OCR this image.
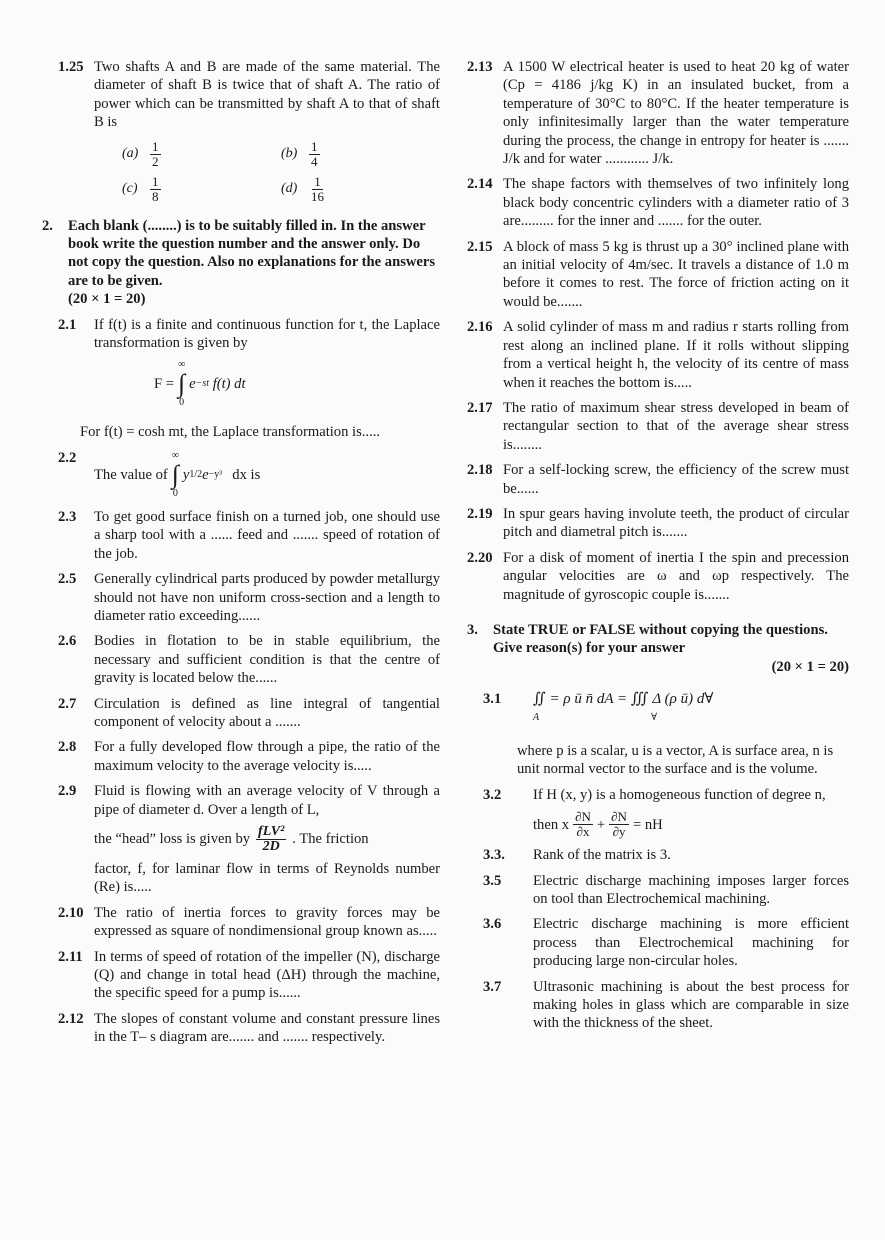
1.25 Two shafts A and B are made of the same material. The diameter of shaft B is twice that of shaft A. The ratio of power which can be transmitted by shaft A to that of shaft B is
$(a) \frac{1}{2}$	$(b) \frac{1}{4}$
$(c) \frac{1}{8}$	$(d) \frac{1}{16}$
2.	Each blank (........) is to be suitably filled in. In the answer book write the question number and the answer only. Do not copy the question. Also no explanations for the answers are to be given.
(20 × 1 = 20)
2.1	If f(t) is a finite and continuous function for t, the Laplace transformation is given by
F =
∞
∫
0
e −st
f(t) dt
For f(t) = cosh mt, the Laplace transformation is.....
2.2
The value of
∞
∫
0
y 1/2 e −y³ dx is
2.3	To get good surface finish on a turned job, one should use a sharp tool with a ...... feed and ....... speed of rotation of the job.
2.5	Generally cylindrical parts produced by powder metallurgy should not have non uniform cross-section and a length to diameter ratio exceeding......
2.6	Bodies in flotation to be in stable equilibrium, the necessary and sufficient condition is that the centre of gravity is located below the......
2.7	Circulation is defined as line integral of tangential component of velocity about a .......
2.8	For a fully developed flow through a pipe, the ratio of the maximum velocity to the average velocity is.....
2.9	Fluid is flowing with an average velocity of V through a pipe of diameter d. Over a length of L,
the “head” loss is given by $\frac{\text{fLV²}}{2D}$ . The friction
factor, f, for laminar flow in terms of Reynolds number (Re) is.....
2.10 The ratio of inertia forces to gravity forces may be expressed as square of nondimensional group known as.....
2.11 In terms of speed of rotation of the impeller (N), discharge (Q) and change in total head (ΔH) through the machine, the specific speed for a pump is......
2.12 The slopes of constant volume and constant pressure lines in the T– s diagram are....... and ....... respectively.
2.13 A 1500 W electrical heater is used to heat 20 kg of water (Cp = 4186 j/kg K) in an insulated bucket, from a temperature of 30°C to 80°C. If the heater temperature is only infinitesimally larger than the water temperature during the process, the change in entropy for heater is ....... J/k and for water ............ J/k.
2.14 The shape factors with themselves of two infinitely long black body concentric cylinders with a diameter ratio of 3 are......... for the inner and ....... for the outer.
2.15 A block of mass 5 kg is thrust up a 30° inclined plane with an initial velocity of 4m/sec. It travels a distance of 1.0 m before it comes to rest. The force of friction acting on it would be.......
2.16 A solid cylinder of mass m and radius r starts rolling from rest along an inclined plane. If it rolls without slipping from a vertical height h, the velocity of its centre of mass when it reaches the bottom is.....
2.17 The ratio of maximum shear stress developed in beam of rectangular section to that of the average shear stress is........
2.18 For a self-locking screw, the efficiency of the screw must be......
2.19 In spur gears having involute teeth, the product of circular pitch and diametral pitch is.......
2.20 For a disk of moment of inertia I the spin and precession angular velocities are ω and ωp respectively. The magnitude of gyroscopic couple is.......
3.	State TRUE or FALSE without copying the questions. Give reason(s) for your answer
(20 × 1 = 20)
3.1	∬ = ρ ū n̄ dA = ∭ Δ (ρ ū) d∀
A	∀
where p is a scalar, u is a vector, A is surface area, n is unit normal vector to the surface and is the volume.
3.2	If H (x, y) is a homogeneous function of degree n,
then x $\frac{\partial N}{\partial x} + \frac{\partial N}{\partial y}$ = nH
3.3.	Rank of the matrix is 3.
3.5	Electric discharge machining imposes larger forces on tool than Electrochemical machining.
3.6	Electric discharge machining is more efficient process than Electrochemical machining for producing large non-circular holes.
3.7	Ultrasonic machining is about the best process for making holes in glass which are comparable in size with the thickness of the sheet.
